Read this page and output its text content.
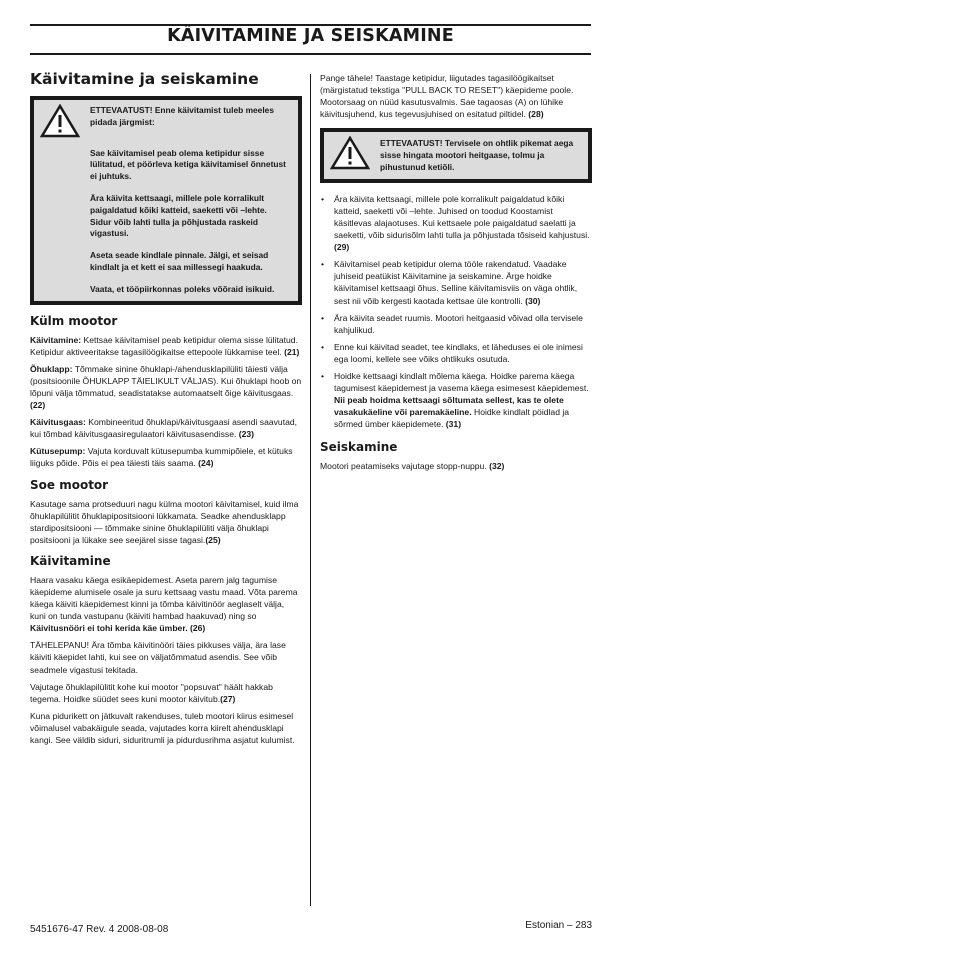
KÄIVITAMINE JA SEISKAMINE
Käivitamine ja seiskamine

ETTEVAATUST! Enne käivitamist tuleb meeles pidada järgmist:

Sae käivitamisel peab olema ketipidur sisse lülitatud, et pöörleva ketiga käivitamisel õnnetust ei juhtuks.

Ära käivita kettsaagi, millele pole korralikult paigaldatud kõiki katteid, saeketti või –lehte. Sidur võib lahti tulla ja põhjustada raskeid vigastusi.

Aseta seade kindlale pinnale. Jälgi, et seisad kindlalt ja et kett ei saa millessegi haakuda.

Vaata, et tööpiirkonnas poleks võõraid isikuid.

Külm mootor

Käivitamine: Kettsae käivitamisel peab ketipidur olema sisse lülitatud. Ketipidur aktiveeritakse tagasilöögikaitse ettepoole lükkamise teel. (21)

Õhuklapp: Tõmmake sinine õhuklapi-/ahendusklapilüliti täiesti välja (positsioonile ÕHUKLAPP TÄIELIKULT VÄLJAS). Kui õhuklapi hoob on lõpuni välja tõmmatud, seadistatakse automaatselt õige käivitusgaas. (22)

Käivitusgaas: Kombineeritud õhuklapi/käivitusgaasi asendi saavutad, kui tõmbad käivitusgaasiregulaatori käivitusasendisse. (23)

Kütusepump: Vajuta korduvalt kütusepumba kummipõiele, et kütuks liiguks põide. Põis ei pea täiesti täis saama. (24)

Soe mootor

Kasutage sama protseduuri nagu külma mootori käivitamisel, kuid ilma õhuklapilülitit õhuklapipositsiooni lükkamata. Seadke ahendusklapp stardipositsiooni — tõmmake sinine õhuklapilüliti välja õhuklapi positsiooni ja lükake see seejärel sisse tagasi.(25)

Käivitamine

Haara vasaku käega esikäepidemest. Aseta parem jalg tagumise käepideme alumisele osale ja suru kettsaag vastu maad. Võta parema käega käiviti käepidemest kinni ja tõmba käivitinöör aeglaselt välja, kuni on tunda vastupanu (käiviti hambad haakuvad) ning so Käivitusnööri ei tohi kerida käe ümber. (26)

TÄHELEPANU! Ära tõmba käivitinööri täies pikkuses välja, ära lase käiviti käepidet lahti, kui see on väljatõmmatud asendis. See võib seadmele vigastusi tekitada.

Vajutage õhuklapilülitit kohe kui mootor "popsuvat" häält hakkab tegema. Hoidke süüdet sees kuni mootor käivitub.(27)

Kuna pidurikett on jätkuvalt rakenduses, tuleb mootori kiirus esimesel võimalusel vabakäigule seada, vajutades korra kiirelt ahendusklapi kangi. See väldib siduri, siduritrumli ja pidurdusrihma asjatut kulumist.

Pange tähele! Taastage ketipidur, liigutades tagasilöögikaitset (märgistatud tekstiga "PULL BACK TO RESET") käepideme poole. Mootorsaag on nüüd kasutusvalmis. Sae tagaosas (A) on lühike käivitusjuhend, kus tegevusjuhised on esitatud piltidel. (28)

ETTEVAATUST! Tervisele on ohtlik pikemat aega sisse hingata mootori heitgaase, tolmu ja pihustunud ketiõli.

• Ära käivita kettsaagi, millele pole korralikult paigaldatud kõiki katteid, saeketti või –lehte. Juhised on toodud Koostamist käsitlevas alajaotuses. Kui kettsaele pole paigaldatud saelatti ja saeketti, võib sidurisõlm lahti tulla ja põhjustada tõsiseid kahjustusi. (29)
• Käivitamisel peab ketipidur olema tööle rakendatud. Vaadake juhiseid peatükist Käivitamine ja seiskamine. Ärge hoidke käivitamisel kettsaagi õhus. Selline käivitamisviis on väga ohtlik, sest nii võib kergesti kaotada kettsae üle kontrolli. (30)
• Ära käivita seadet ruumis. Mootori heitgaasid võivad olla tervisele kahjulikud.
• Enne kui käivitad seadet, tee kindlaks, et läheduses ei ole inimesi ega loomi, kellele see võiks ohtlikuks osutuda.
• Hoidke kettsaagi kindlalt mõlema käega. Hoidke parema käega tagumisest käepidemest ja vasema käega esimesest käepidemest. Nii peab hoidma kettsaagi sõltumata sellest, kas te olete vasakukäeline või paremakäeline. Hoidke kindlalt pöidlad ja sõrmed ümber käepidemete. (31)
Seiskamine

Mootori peatamiseks vajutage stopp-nuppu. (32)

5451676-47 Rev. 4 2008-08-08	Estonian – 283
